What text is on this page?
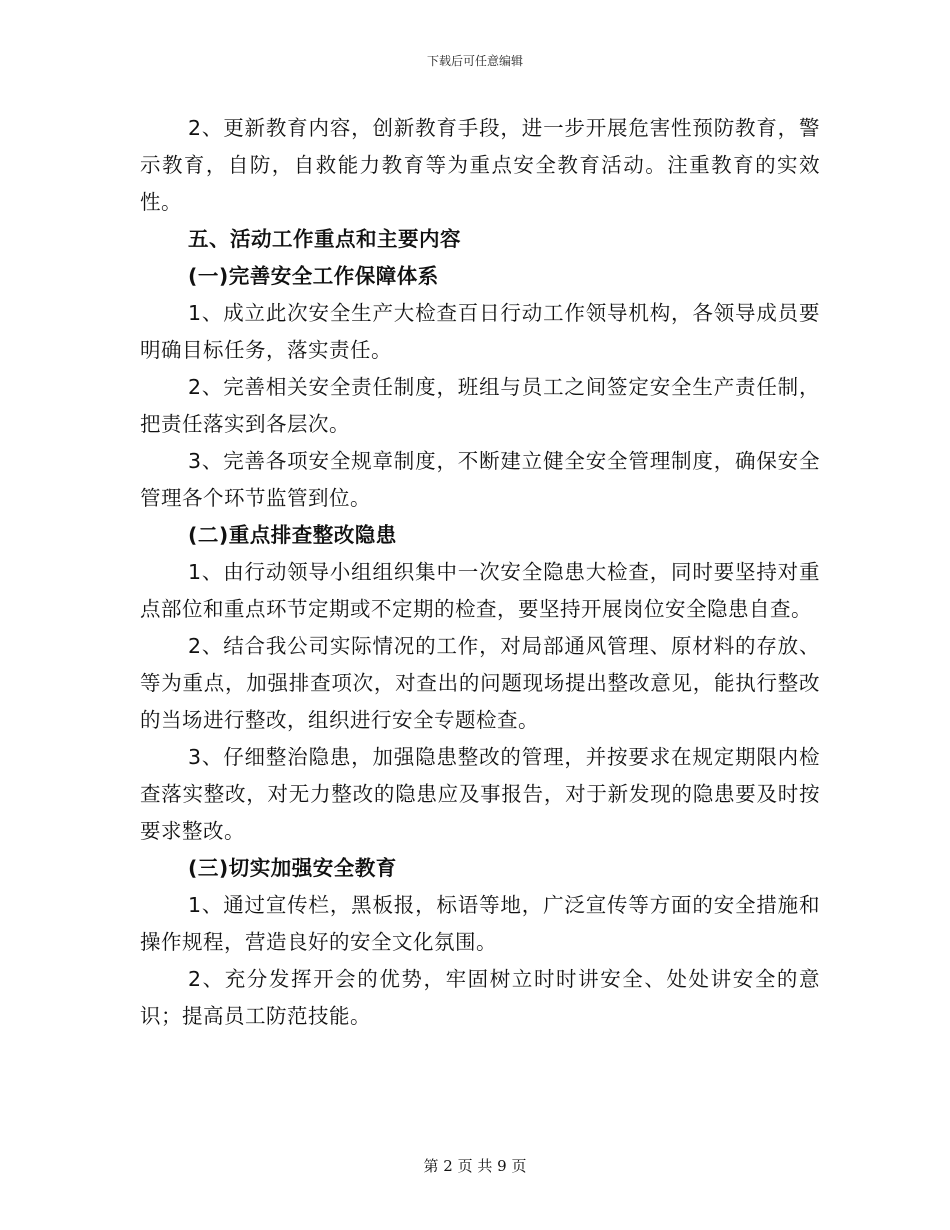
下载后可任意编辑

2、更新教育内容，创新教育手段，进一步开展危害性预防教育，警示教育，自防，自救能力教育等为重点安全教育活动。注重教育的实效性。

五、活动工作重点和主要内容

(一)完善安全工作保障体系

1、成立此次安全生产大检查百日行动工作领导机构，各领导成员要明确目标任务，落实责任。

2、完善相关安全责任制度，班组与员工之间签定安全生产责任制，把责任落实到各层次。

3、完善各项安全规章制度，不断建立健全安全管理制度，确保安全管理各个环节监管到位。

(二)重点排查整改隐患

1、由行动领导小组组织集中一次安全隐患大检查，同时要坚持对重点部位和重点环节定期或不定期的检查，要坚持开展岗位安全隐患自查。

2、结合我公司实际情况的工作，对局部通风管理、原材料的存放、等为重点，加强排查项次，对查出的问题现场提出整改意见，能执行整改的当场进行整改，组织进行安全专题检查。

3、仔细整治隐患，加强隐患整改的管理，并按要求在规定期限内检查落实整改，对无力整改的隐患应及事报告，对于新发现的隐患要及时按要求整改。

(三)切实加强安全教育

1、通过宣传栏，黑板报，标语等地，广泛宣传等方面的安全措施和操作规程，营造良好的安全文化氛围。

2、充分发挥开会的优势，牢固树立时时讲安全、处处讲安全的意识；提高员工防范技能。

第 2 页 共 9 页
